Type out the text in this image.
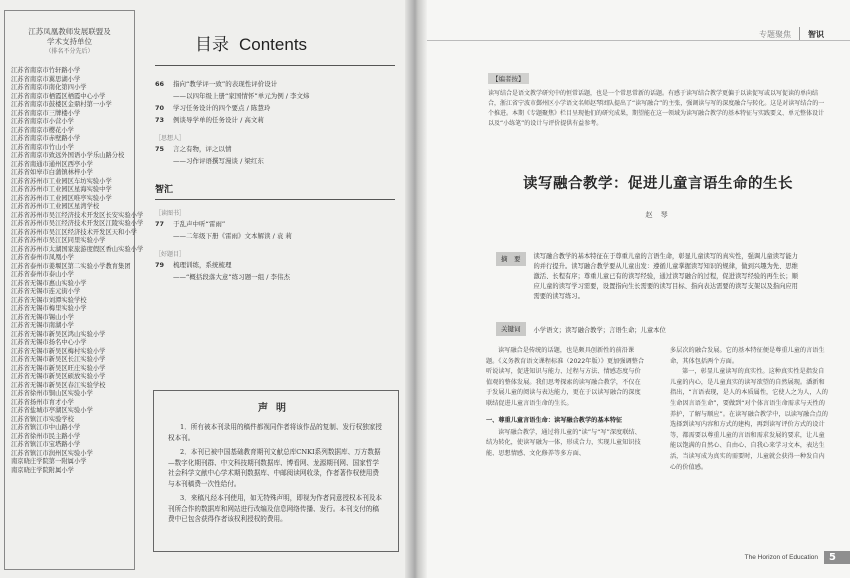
江苏凤凰教师发展联盟及
学术支持单位
（排名不分先后）
江苏省南京市竹轩路小学
江苏省南京市翼思湖小学
江苏省南京市南化第四小学
江苏省南京市栖霞区栖霞中心小学
江苏省南京市鼓楼区金鼎村第一小学
江苏省南京市三牌楼小学
江苏省南京市小营小学
江苏省南京市樱花小学
江苏省南京市赤壁路小学
江苏省南京市竹山小学
江苏省南京市致远外国语小学乐山路分校
江苏省南通市通州区西亭小学
江苏省如皋市白蒲镇林梓小学
江苏省苏州市工业园区车坊实验小学
江苏省苏州市工业园区星海实验中学
江苏省苏州市工业园区唯亭实验小学
江苏省苏州市工业园区星湾学校
江苏省苏州市吴江经济技术开发区长安实验小学
江苏省苏州市吴江经济技术开发区江陵实验小学
江苏省苏州市吴江区经济技术开发区天和小学
江苏省苏州市吴江区同里实验小学
江苏省苏州市太湖国家旅游度假区香山实验小学
江苏省泰州市凤凰小学
江苏省泰州市姜堰区第二实验小学教育集团
江苏省泰州市泰山小学
江苏省无锡市惠山实验小学
江苏省无锡市连元街小学
江苏省无锡市刘潭实验学校
江苏省无锡市梅里实验小学
江苏省无锡市锡山小学
江苏省无锡市南湖小学
江苏省无锡市新吴区鸿山实验小学
江苏省无锡市扬名中心小学
江苏省无锡市新吴区梅村实验小学
江苏省无锡市新吴区长江实验小学
江苏省无锡市新吴区旺庄实验小学
江苏省无锡市新吴区硕放实验小学
江苏省无锡市新吴区春江实验学校
江苏省徐州市铜山区实验小学
江苏省扬州市育才小学
江苏省盐城市亭湖区实验小学
江苏省镇江市实验学校
江苏省镇江市中山路小学
江苏省徐州市民主路小学
江苏省镇江市宝塔路小学
江苏省镇江市润州区实验小学
南京晓庄学院第一附属小学
南京晓庄学院附属小学
目录 Contents
66	指向“教学评一致”的表现性评价设计
——以四年级上册“家国情怀”单元为例 / 李文炜
70	学习任务设计的四个要点 / 陈慧玲
73	例谈导学单的任务设计 / 高文莉
［思想人］
75	言之有物，评之以情
——习作评语撰写漫谈 / 梁红东
智汇
［读图书］
77	于乱声中听“雷雨”
——二年级下册《雷雨》文本解读 / 袁 莉
［好题目］
79	梳理训练，系统梳理
——“概括段落大意”练习题一组 / 李伟杰
声明

1．所有被本刊录用的稿件都视同作者将该作品的复制、发行权独家授权本刊。

2．本刊已被中国基础教育期刊文献总库CNKI系列数据库、万方数据—数字化期刊群、中文科技期刊数据库、博看网、龙源期刊网、国家哲学社会科学文献中心学术期刊数据库、中邮阅读网收录，作者著作权使用费与本刊稿费一次性给付。

3．来稿凡经本刊使用，如无特殊声明，即视为作者同意授权本刊及本刊所合作的数据库和网站进行改编及信息网络传播、发行。本刊支付的稿费中已包含获得作者该权利授权的费用。

专题聚焦 智识
【编者按】

读写结合是语文教学研究中的恒常话题，也是一个常思常新的话题。有感于读写结合教学更偏于以读促写或以写促读的单向结合，浙江省宁波市鄞州区小学语文名师赵琴团队提出了“读写融合”的主张，强调读与写的深度融合与转化。这是对读写结合的一个推进。本期《专题聚焦》栏目呈现他们的研究成果，期望能在这一领域为读写融合教学的基本特征与实践要义、单元整体设计以及“小练笔”的设计与评价提供有益参考。

读写融合教学：促进儿童言语生命的生长
赵 琴
摘　要	读写融合教学的基本特征在于尊重儿童的言语生命，彰显儿童读写的真实性，强调儿童读写能力的并行提升。读写融合教学要从儿童出发：遵循儿童掌握读写知识的规律，做到兴趣为先、思维激活、长程有序；尊重儿童已有的读写经验，通过读写融合的过程，促进读写经验的再生长；顺应儿童的读写学习需要，设置指向生长需要的读写目标、指向表达需要的读写支架以及指向应用需要的读写练习。
关键词	小学语文；读写融合教学；言语生命；儿童本位

读写融合是传统的话题，也是颇具创新性的前沿课题。《义务教育语文课程标准（2022年版）》更加强调整合听说读写，促进知识与能力、过程与方法、情感态度与价值观的整体发展。我们思考探索的读写融合教学，不仅在于发展儿童的阅读与表达能力，更在于以读写融合的深度联结促进儿童言语生命的生长。

一、尊重儿童言语生命：读写融合教学的基本特征

读写融合教学，通过将儿童的“读”与“写”深度联结、结为转化，使读写融为一体，形成合力，实现儿童知识技能、思想情感、文化修养等多方面、

多层次的融合发展。它的基本特征便是尊重儿童的言语生命，其体包括两个方面。

第一，彰显儿童读写的真实性。这种真实性是指发自儿童的内心，是儿童真实的读写欲望的自然展现。潘新和指出，“言语表现，是人的本质属性，它使人之为人，人的生命因言语生命”，要做到“对个体言语生命需求与天性的养护，了解与顺应”。在读写融合教学中，以读写融合点的选择到读写内容和方式的建构，再到读写评价方式的设计等，都需要以尊重儿童的言语和需求发展的要求，让儿童能以饱满的自然心、自由心、自我心来学习文本，表达生活，当读写成为真实的需要时，儿童就会获得一种发自内心的价值感。

The Horizon of Education	5
